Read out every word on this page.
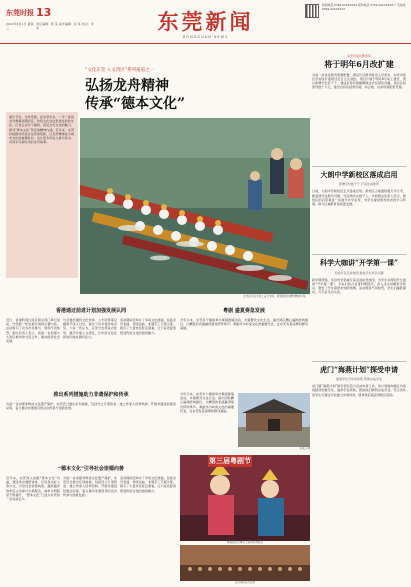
东莞时报 13
2022年6月1日 星期三
责任编辑：陈 某 美术编辑：张 某 校对：李 某	东莞新闻
DONGGUAN NEWS
新闻热线 0769-22XXXXXX 报料电话 0769-22XXXXXX 广告热线 0769-22XXXXXX
“文化东莞·人文湾区”系列报道之一
弘扬龙舟精神
传承“德本文化”
端午节至，龙舟竞渡。在东莞水乡，一年一度的龙舟赛事如期而至，传统文化在这里焕发新的生机。记者走访多个镇街，感受龙舟文化的魅力，探寻“德本文化”背后的精神内涵。近年来，东莞持续推动传统文化传承创新，让龙舟精神成为城市文化的重要标识，也让更多年轻人参与其中，共同书写新时代的龙舟故事。
龙舟队员在水面上奋力划桨，展现团结拼搏的精神风貌。
东莞市某区教育局
将于明年6月改扩建
为进一步优化教育资源配置，满足片区群众就近入学需求，东莞市某区学校改扩建项目近日正式获批。项目计划于明年6月动工建设，预计新增学位若干个，建成后将有效缓解周边学位紧张问题。项目总投资约数千万元，建设内容包括教学楼、综合楼、运动场等配套设施。
大朗中学新校区落成启用
新增学位数千个 打造优质教育
日前，大朗中学新校区正式落成启用。新校区占地面积数万平方米，配备现代化教学设施，可容纳学生数千人。学校相关负责人表示，新校区的启用将进一步提升办学条件，为学生提供更加优质的学习环境，助力区域教育高质量发展。
科学大咖讲“开学第一课”
名师专家走进校园 激发学生科学兴趣
新学期伊始，多位科学领域专家走进东莞校园，为学生讲授别开生面的“开学第一课”。专家们结合自身科研经历，深入浅出讲解科学知识，激发了学生探索未知的热情。活动现场气氛热烈，学生们踊跃提问，与专家互动交流。
虎门“海燕计划”探受申请
困难学生可申请资助 帮助完成学业
虎门镇“海燕计划”助学项目近日启动申请工作。该计划面向辖区内家庭经济困难学生，提供学业资助，帮助他们顺利完成学业。符合条件的学生可通过学校提交申请材料，经审核后将获得相应资助。
香港通过前进计划加强发展认同
近日，香港特别行政区相关部门举行活动，介绍新一轮发展计划的主要内容。活动吸引了众多市民参与，现场气氛热烈。相关负责人表示，将进一步加强与大湾区城市的交流合作，推动经济社会发展。
与会嘉宾围绕文化传承、人才培养等议题展开深入讨论，提出了许多建设性意见。大家一致认为，应充分发挥各自优势，携手共建人文湾区，让传统文化在新时代焕发新的活力。
活动期间还举办了多场文化展演，包括龙舟表演、传统戏曲、非遗手工艺展示等，吸引了大量市民驻足观看，让大家近距离感受传统文化的独特魅力。
粤剧 盛夏奏急发展
今年以来，东莞多个镇街举办粤剧展演活动，丰富群众文化生活。演出团队精心编排经典剧目，以精湛的表演赢得观众阵阵掌声。粤剧作为岭南文化的重要代表，在东莞有着深厚的群众基础。
推出系列措施助力非遗保护和传承
为进一步加强非物质文化遗产保护，东莞近日推出系列措施，包括设立专项资金、建立传承人培养机制、开展非遗进校园活动等，着力推动非遗项目的活态传承与创新发展。
今年以来，东莞多个镇街举办粤剧展演活动，丰富群众文化生活。演出团队精心编排经典剧目，以精湛的表演赢得观众阵阵掌声。粤剧作为岭南文化的重要代表，在东莞有着深厚的群众基础。
某某宗祠
“德本文化”引导社会崇德向善
近年来，东莞深入挖掘“德本文化”内涵，通过举办道德讲堂、评选身边好人等方式，引导社会崇德向善。越来越多的市民主动参与志愿服务，城市文明程度不断提升，“德本文化”已成为东莞的一张亮丽名片。
为进一步加强非物质文化遗产保护，东莞近日推出系列措施，包括设立专项资金、建立传承人培养机制、开展非遗进校园活动等，着力推动非遗项目的活态传承与创新发展。
活动期间还举办了多场文化展演，包括龙舟表演、传统戏曲、非遗手工艺展示等，吸引了大量市民驻足观看，让大家近距离感受传统文化的独特魅力。
第三届粤剧节
粤剧演员在舞台上演绎经典剧目
活动现场座无虚席
